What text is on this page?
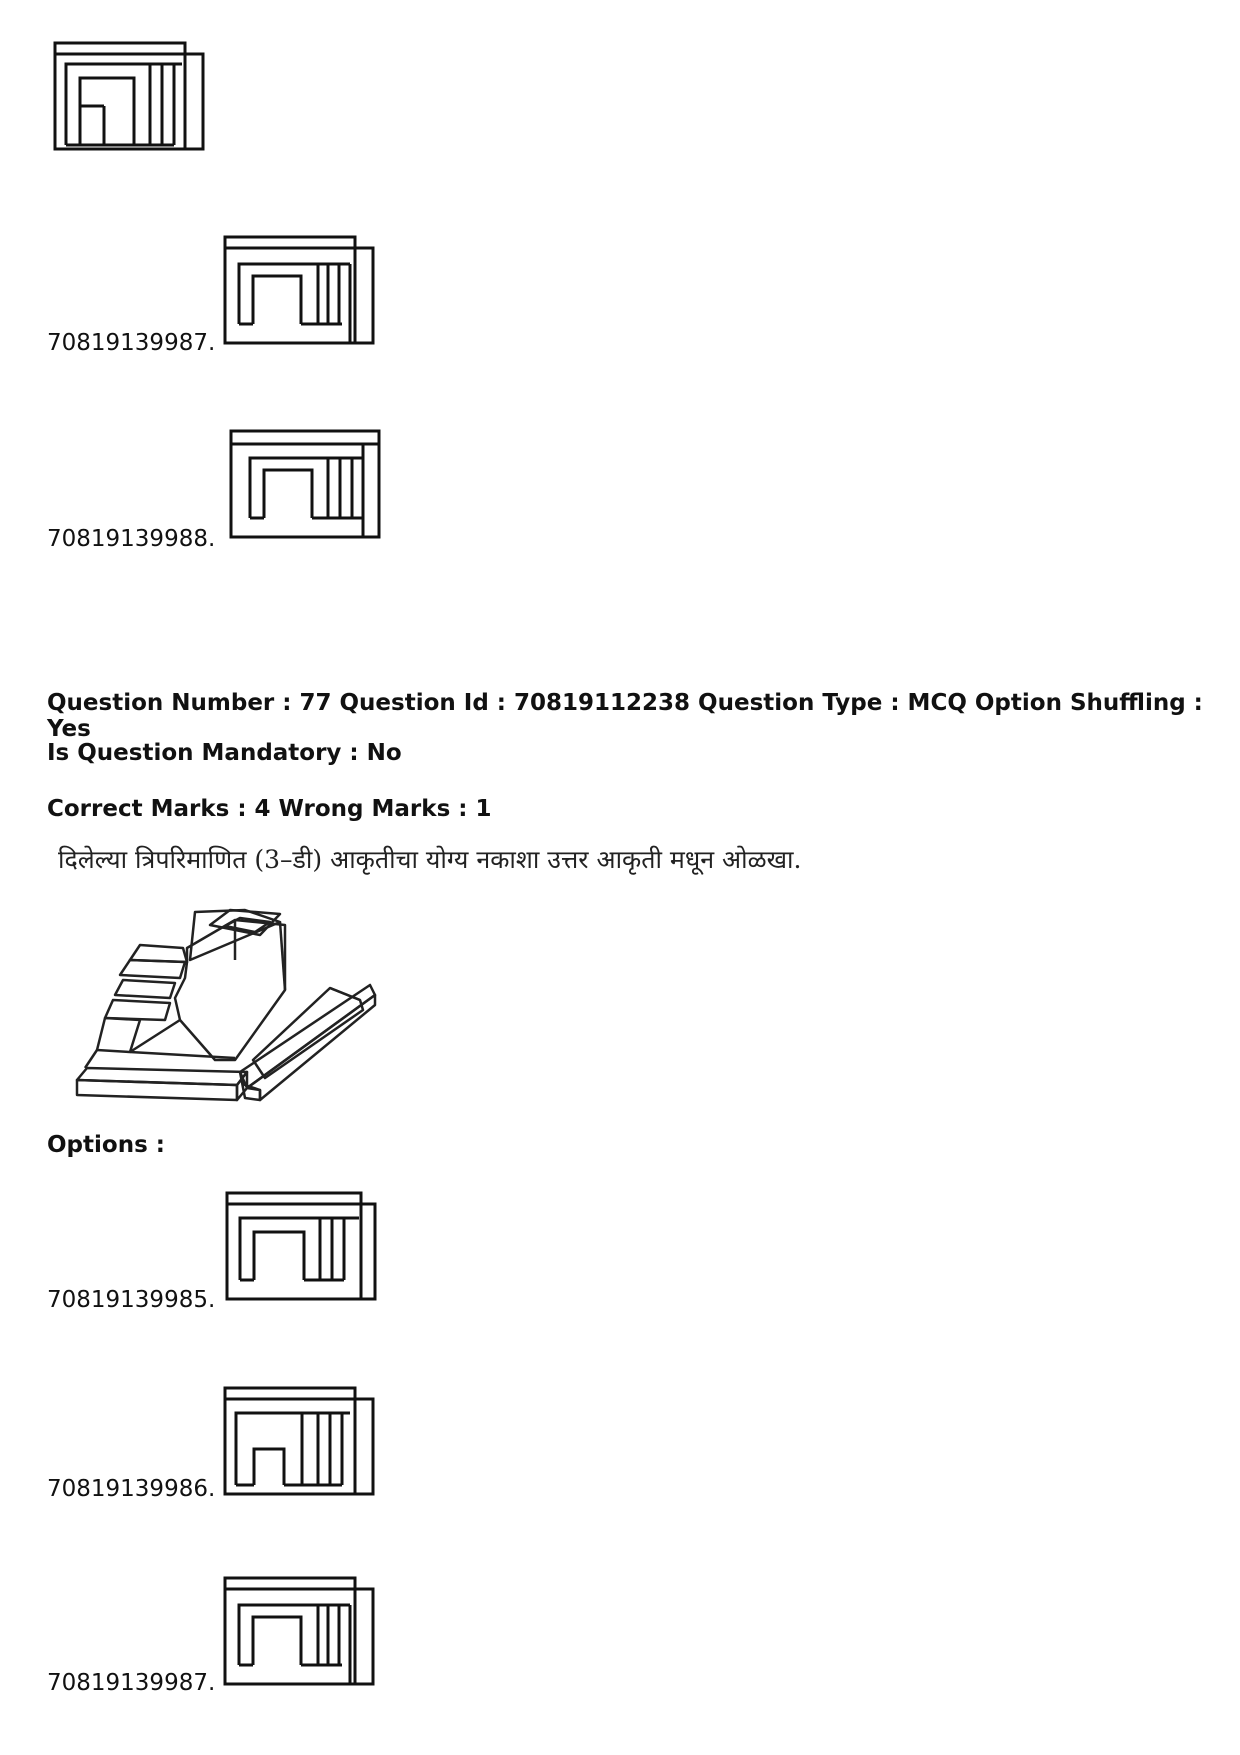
70819139987.
70819139988.
Question Number : 77 Question Id : 70819112238 Question Type : MCQ Option Shuffling : Yes
Is Question Mandatory : No
Correct Marks : 4 Wrong Marks : 1
दिलेल्या त्रिपरिमाणित (3–डी) आकृतीचा योग्य नकाशा उत्तर आकृती मधून ओळखा.
Options :
70819139985.
70819139986.
70819139987.
